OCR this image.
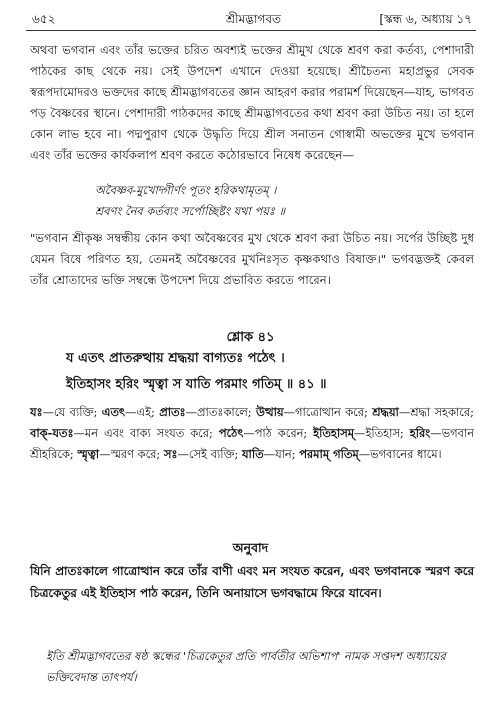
৬৫২	শ্রীমদ্ভাগবত	[স্কন্ধ ৬, অধ্যায় ১৭
অথবা ভগবান এবং তাঁর ভক্তের চরিত অবশ্যই ভক্তের শ্রীমুখ থেকে শ্রবণ করা কর্তব্য, পেশাদারী পাঠকের কাছ থেকে নয়। সেই উপদেশ এখানে দেওয়া হয়েছে। শ্রীচৈতন্য মহাপ্রভুর সেবক স্বরূপদামোদরও ভক্তদের কাছে শ্রীমদ্ভাগবতের জ্ঞান আহরণ করার পরামর্শ দিয়েছেন—যাহ, ভাগবত পড় বৈষ্ণবের স্থানে। পেশাদারী পাঠকদের কাছে শ্রীমদ্ভাগবতের কথা শ্রবণ করা উচিত নয়। তা হলে কোন লাভ হবে না। পদ্মপুরাণ থেকে উদ্ধৃতি দিয়ে শ্রীল সনাতন গোস্বামী অভক্তের মুখে ভগবান এবং তাঁর ভক্তের কার্যকলাপ শ্রবণ করতে কঠোরভাবে নিষেধ করেছেন—
অবৈষ্ণব-মুখোদ্গীর্ণং পূতং হরিকথামৃতম্ ।
শ্রবণং নৈব কর্তব্যং সর্পোচ্ছিষ্টং যথা পয়ঃ ॥
"ভগবান শ্রীকৃষ্ণ সম্বন্ধীয় কোন কথা অবৈষ্ণবের মুখ থেকে শ্রবণ করা উচিত নয়। সর্পের উচ্ছিষ্ট দুধ যেমন বিষে পরিণত হয়, তেমনই অবৈষ্ণবের মুখনিঃসৃত কৃষ্ণকথাও বিষাক্ত।" ভগবদ্ভক্তই কেবল তাঁর শ্রোতাদের ভক্তি সম্বন্ধে উপদেশ দিয়ে প্রভাবিত করতে পারেন।
শ্লোক ৪১
য এতৎ প্রাতরুত্থায় শ্রদ্ধয়া বাগ্যতঃ পঠেৎ ।
ইতিহাসং হরিং স্মৃত্বা স যাতি পরমাং গতিম্ ॥ ৪১ ॥
যঃ—যে ব্যক্তি; এতৎ—এই; প্রাতঃ—প্রাতঃকালে; উত্থায়—গাত্রোত্থান করে; শ্রদ্ধয়া—শ্রদ্ধা সহকারে; বাক্-যতঃ—মন এবং বাক্য সংযত করে; পঠেৎ—পাঠ করেন; ইতিহাসম্—ইতিহাস; হরিং—ভগবান শ্রীহরিকে; স্মৃত্বা—স্মরণ করে; সঃ—সেই ব্যক্তি; যাতি—যান; পরমাম্ গতিম্—ভগবানের ধামে।
অনুবাদ
যিনি প্রাতঃকালে গাত্রোত্থান করে তাঁর বাণী এবং মন সংযত করেন, এবং ভগবানকে স্মরণ করে চিত্রকেতুর এই ইতিহাস পাঠ করেন, তিনি অনায়াসে ভগবদ্ধামে ফিরে যাবেন।
ইতি শ্রীমদ্ভাগবতের ষষ্ঠ স্কন্ধের 'চিত্রকেতুর প্রতি পার্বতীর অভিশাপ' নামক সপ্তদশ অধ্যায়ের ভক্তিবেদান্ত তাৎপর্য।
